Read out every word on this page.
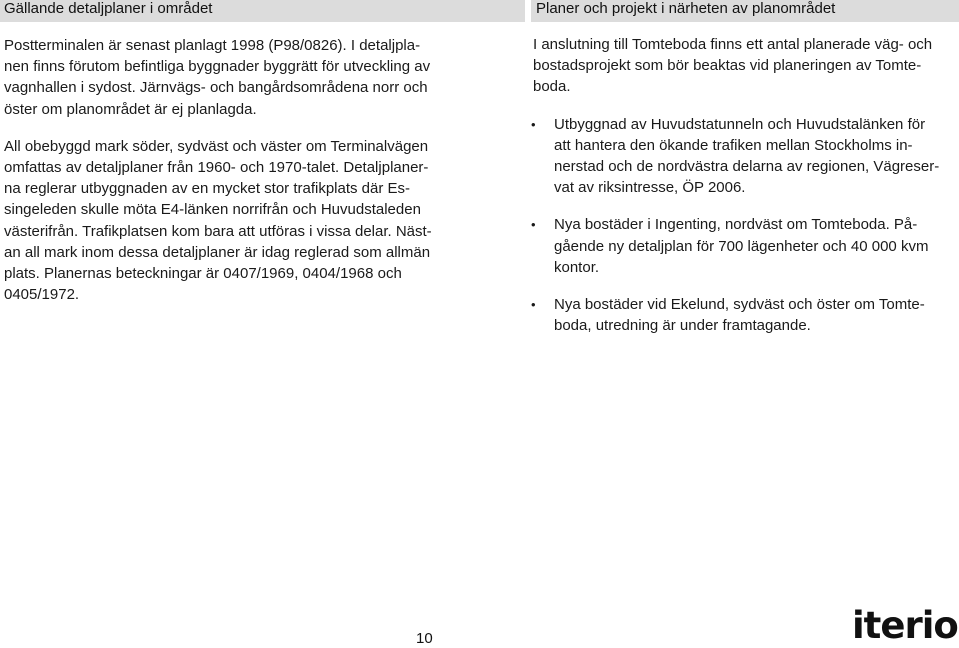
Gällande detaljplaner i området	Planer och projekt i närheten av planområdet
Postterminalen är senast planlagt 1998 (P98/0826). I detaljpla-
nen finns förutom befintliga byggnader byggrätt för utveckling av
vagnhallen i sydost. Järnvägs- och bangårdsområdena norr och
öster om planområdet är ej planlagda.
All obebyggd mark söder, sydväst och väster om Terminalvägen
omfattas av detaljplaner från 1960- och 1970-talet. Detaljplaner-
na reglerar utbyggnaden av en mycket stor trafikplats där Es-
singeleden skulle möta E4-länken norrifrån och Huvudstaleden
västerifrån. Trafikplatsen kom bara att utföras i vissa delar. Näst-
an all mark inom dessa detaljplaner är idag reglerad som allmän
plats. Planernas beteckningar är 0407/1969, 0404/1968 och
0405/1972.
I anslutning till Tomteboda finns ett antal planerade väg- och
bostadsprojekt som bör beaktas vid planeringen av Tomte-
boda.
• Utbyggnad av Huvudstatunneln och Huvudstalänken för
att hantera den ökande trafiken mellan Stockholms in-
nerstad och de nordvästra delarna av regionen, Vägreser-
vat av riksintresse, ÖP 2006.
• Nya bostäder i Ingenting, nordväst om Tomteboda. På-
gående ny detaljplan för 700 lägenheter och 40 000 kvm
kontor.
• Nya bostäder vid Ekelund, sydväst och öster om Tomte-
boda, utredning är under framtagande.
10	iterio
